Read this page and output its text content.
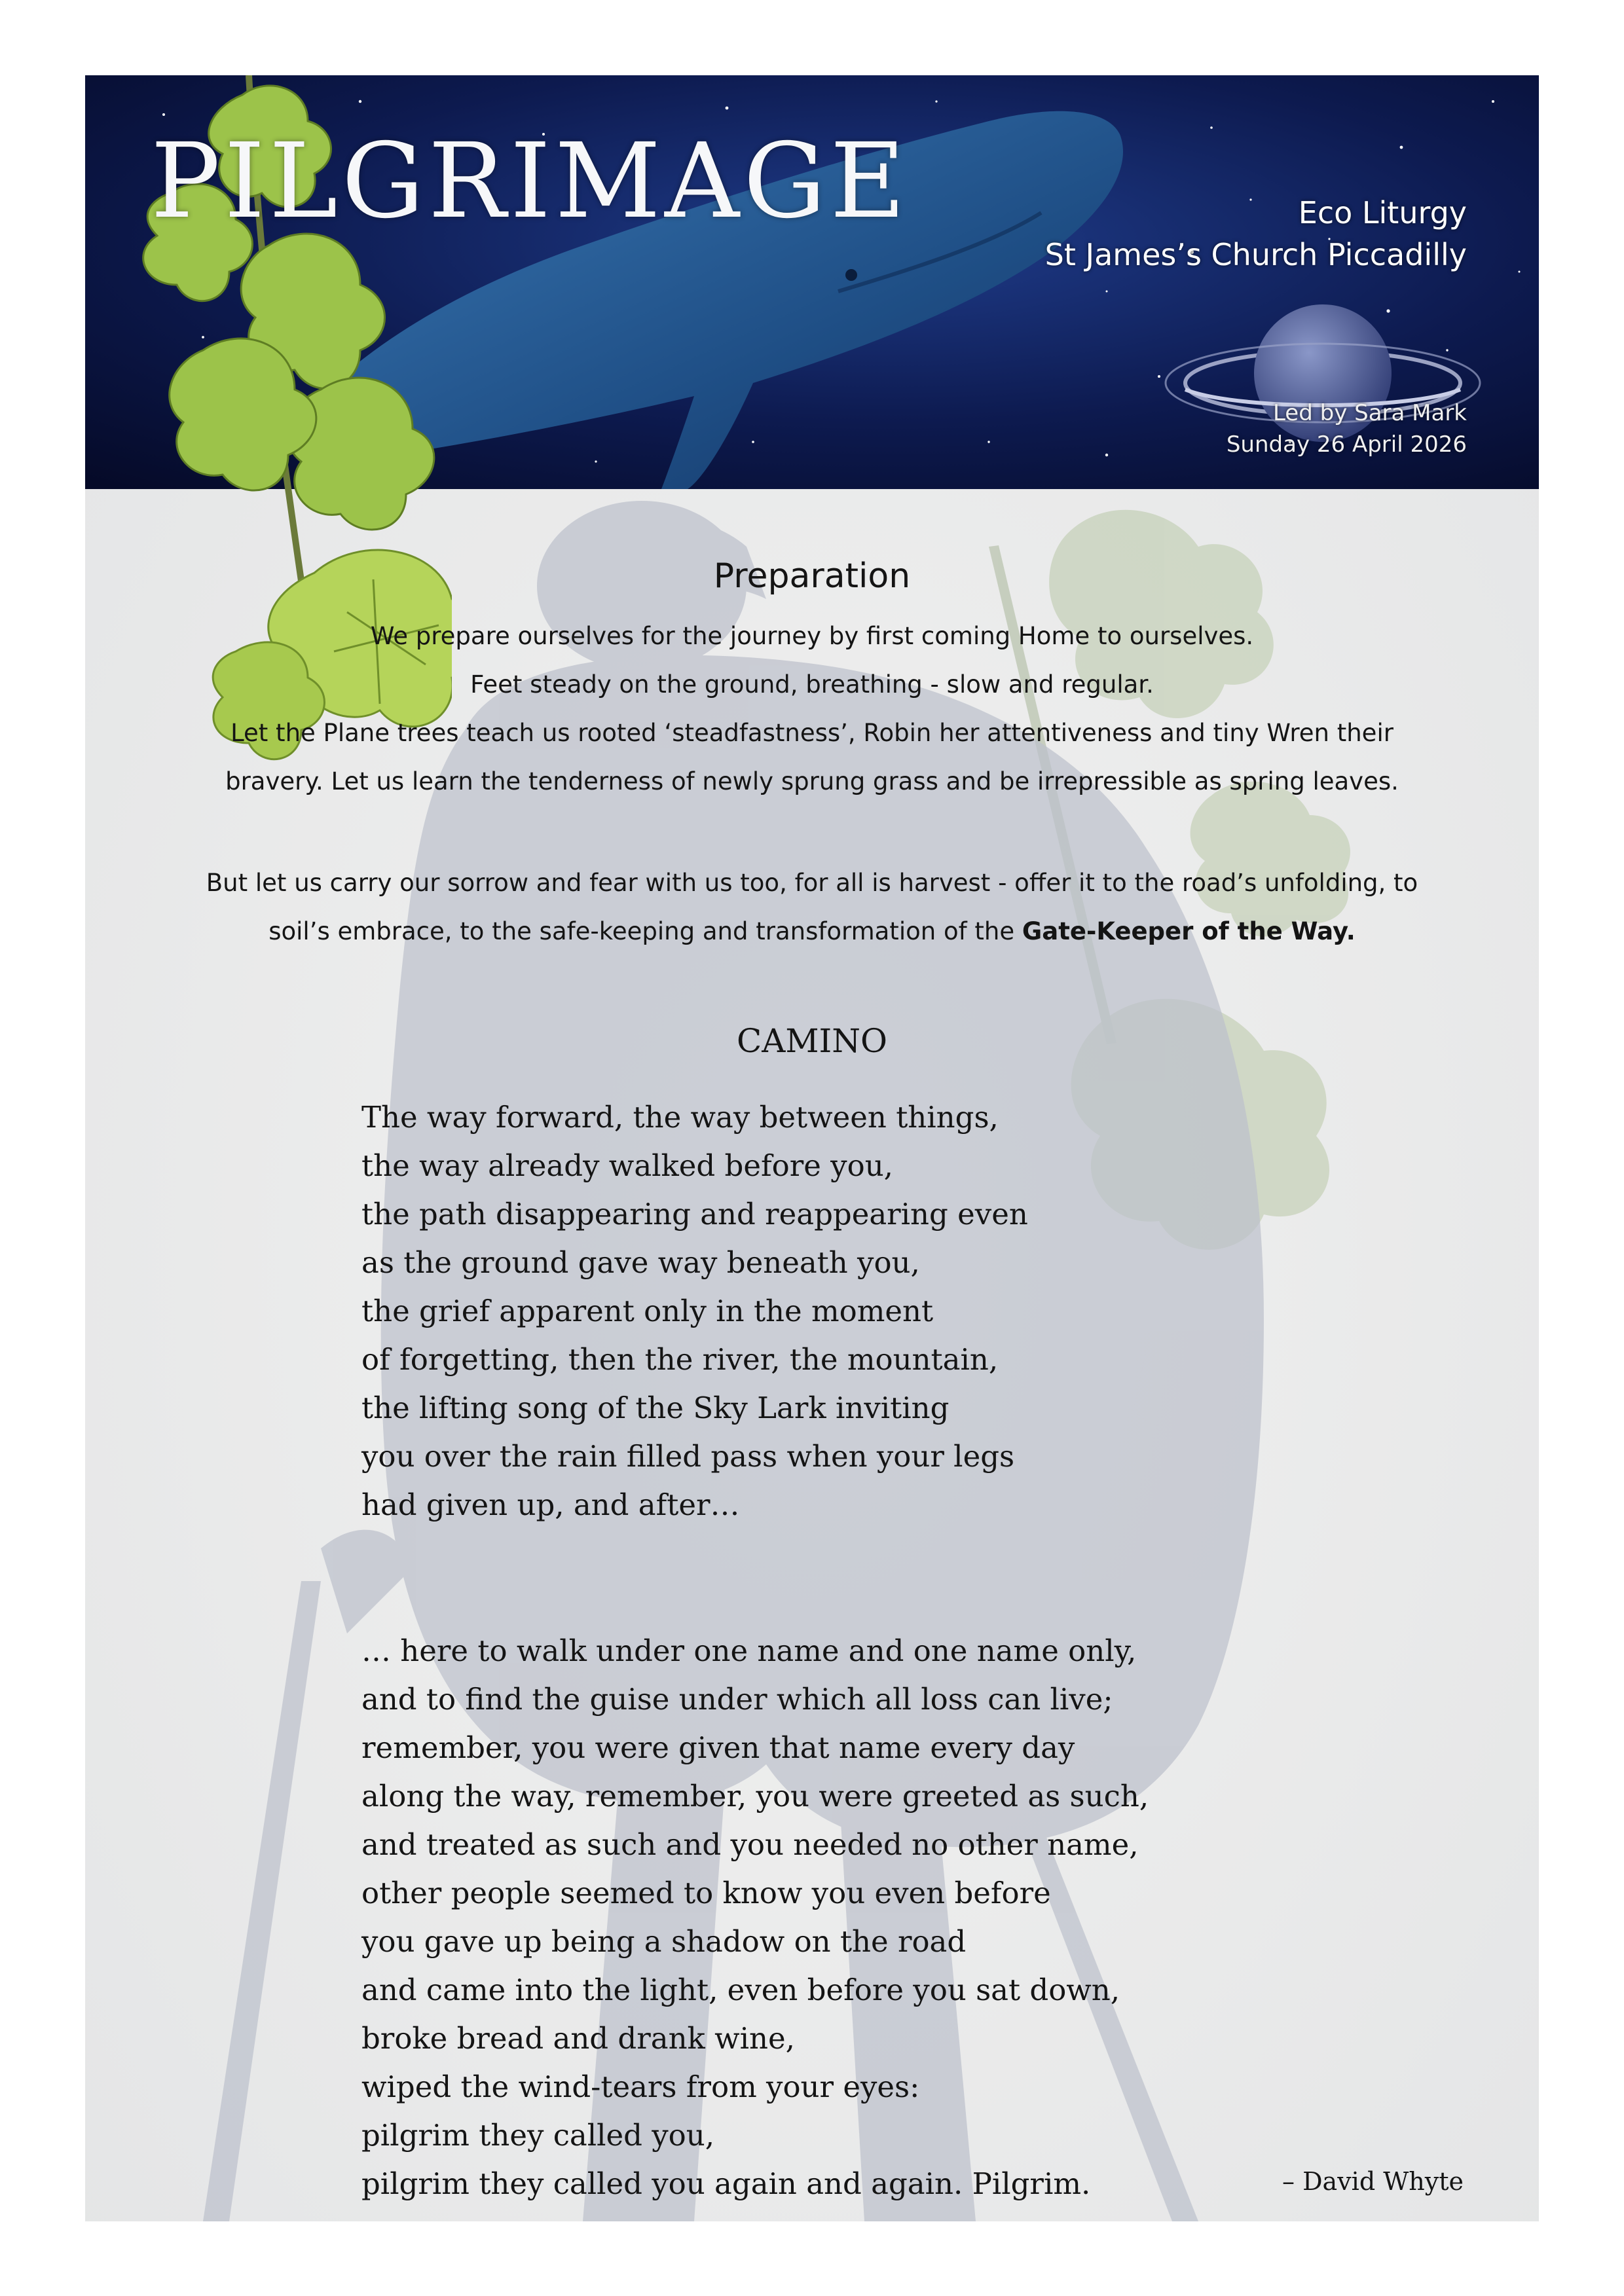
PILGRIMAGE	Eco Liturgy
St James’s Church Piccadilly
Led by Sara Mark
Sunday 26 April 2026
Preparation
We prepare ourselves for the journey by first coming Home to ourselves.
Feet steady on the ground, breathing - slow and regular.
Let the Plane trees teach us rooted ‘steadfastness’, Robin her attentiveness and tiny Wren their
bravery. Let us learn the tenderness of newly sprung grass and be irrepressible as spring leaves.
But let us carry our sorrow and fear with us too, for all is harvest - offer it to the road’s unfolding, to
soil’s embrace, to the safe-keeping and transformation of the Gate-Keeper of the Way.
CAMINO
The way forward, the way between things,
the way already walked before you,
the path disappearing and reappearing even
as the ground gave way beneath you,
the grief apparent only in the moment
of forgetting, then the river, the mountain,
the lifting song of the Sky Lark inviting
you over the rain filled pass when your legs
had given up, and after…
… here to walk under one name and one name only,
and to find the guise under which all loss can live;
remember, you were given that name every day
along the way, remember, you were greeted as such,
and treated as such and you needed no other name,
other people seemed to know you even before
you gave up being a shadow on the road
and came into the light, even before you sat down,
broke bread and drank wine,
wiped the wind-tears from your eyes:
pilgrim they called you,
pilgrim they called you again and again. Pilgrim.	– David Whyte
